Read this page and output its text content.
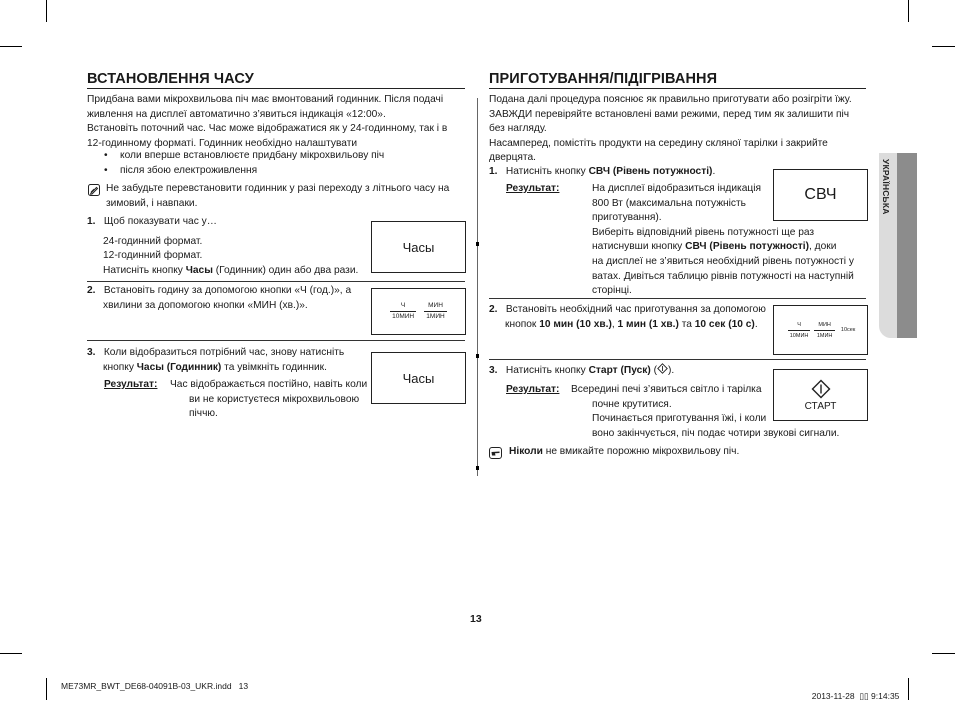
ВСТАНОВЛЕННЯ ЧАСУ
Придбана вами мікрохвильова піч має вмонтований годинник. Після подачі
живлення на дисплеї автоматично з’явиться індикація «12:00».
Встановіть поточний час. Час може відображатися як у 24-годинному, так і в
12-годинному форматі. Годинник необхідно налаштувати
• коли вперше встановлюєте придбану мікрохвильову піч
• після збою електроживлення
Не забудьте перевстановити годинник у разі переходу з літнього часу на
зимовий, і навпаки.
1. Щоб показувати час у…
24-годинний формат.
12-годинний формат.
Натисніть кнопку Часы (Годинник) один або два рази.
Часы
2. Встановіть годину за допомогою кнопки «Ч (год.)», а
хвилини за допомогою кнопки «МИН (хв.)».	$\frac{Ч}{\text{10МИН}}$	$\frac{\text{МИН}}{\text{1МИН}}$
3. Коли відобразиться потрібний час, знову натисніть
кнопку Часы (Годинник) та увімкніть годинник.
Результат: Час відображається постійно, навіть коли
ви не користуєтеся мікрохвильовою
піччю.
Часы
ПРИГОТУВАННЯ/ПІДІГРІВАННЯ
Подана далі процедура пояснює як правильно приготувати або розігріти їжу.
ЗАВЖДИ перевіряйте встановлені вами режими, перед тим як залишити піч
без нагляду.
Насамперед, помістіть продукти на середину скляної тарілки і закрийте
дверцята.
1. Натисніть кнопку СВЧ (Рівень потужності).
Результат:	На дисплеї відобразиться індикація
800 Вт (максимальна потужність
приготування).
Виберіть відповідний рівень потужності ще раз
натиснувши кнопку СВЧ (Рівень потужності), доки
на дисплеї не з’явиться необхідний рівень потужності у
ватах. Дивіться таблицю рівнів потужності на наступній
сторінці.
СВЧ
2. Встановіть необхідний час приготування за допомогою
кнопок 10 мин (10 хв.), 1 мин (1 хв.) та 10 сек (10 с).	$\frac{Ч}{\text{10МИН}}$	$\frac{\text{МИН}}{\text{1МИН}} 10сек$
3. Натисніть кнопку Старт (Пуск) ( ).
Результат: Всередині печі з’явиться світло і тарілка
почне крутитися.
Починається приготування їжі, і коли
воно закінчується, піч подає чотири звукові сигнали.
СТАРТ
Ніколи не вмикайте порожню мікрохвильову піч.
УКРАЇНСЬКА
13
ME73MR_BWT_DE68-04091B-03_UKR.indd   13

2013-11-28 ▯▯ 9:14:35
